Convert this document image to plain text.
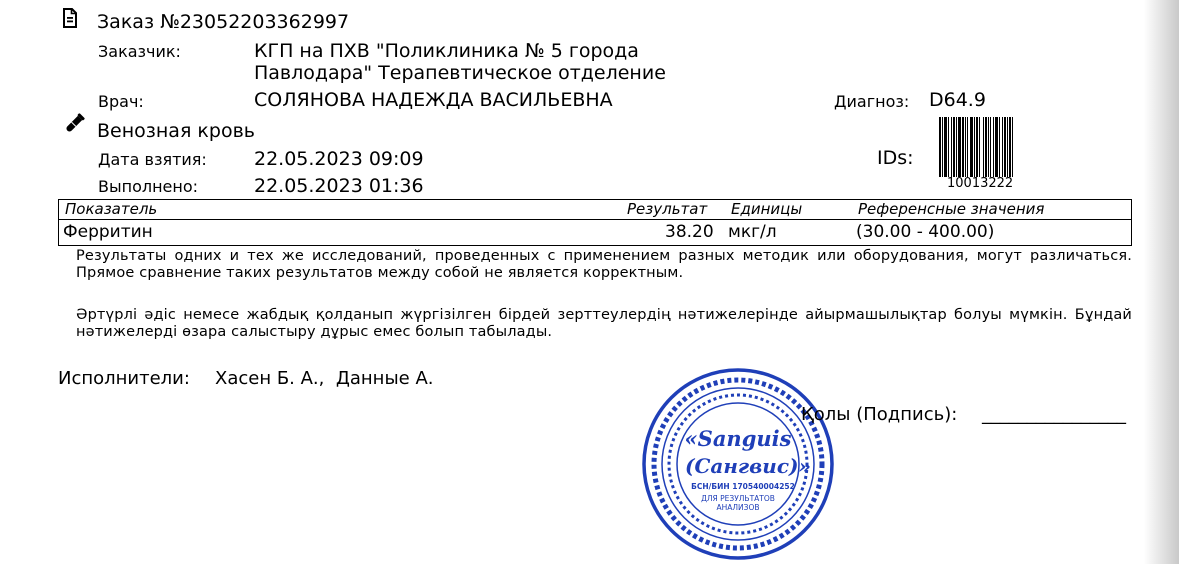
Заказ №23052203362997
Заказчик:	КГП на ПХВ "Поликлиника № 5 города
Павлодара" Терапевтическое отделение
Врач:	СОЛЯНОВА НАДЕЖДА ВАСИЛЬЕВНА	Диагноз: D64.9
Венозная кровь
Дата взятия: 22.05.2023 09:09
Выполнено:	22.05.2023 01:36
IDs:
10013222
Показатель	Результат Единицы	Референсные значения
Ферритин	38.20 мкг/л	(30.00 - 400.00)
Результаты одних и тех же исследований, проведенных с применением разных методик или оборудования, могут различаться. Прямое сравнение таких результатов между собой не является корректным.
Әртүрлі әдіс немесе жабдық қолданып жүргізілген бірдей зерттеулердің нәтижелерінде айырмашылықтар болуы мүмкін. Бұндай нәтижелерді өзара салыстыру дұрыс емес болып табылады.
Исполнители: Хасен Б. А.,  Данные А.
«Sanguis
(Сангвис)»
БСН/БИН 170540004252
ДЛЯ РЕЗУЛЬТАТОВ
АНАЛИЗОВ
Қолы (Подпись): ________________
